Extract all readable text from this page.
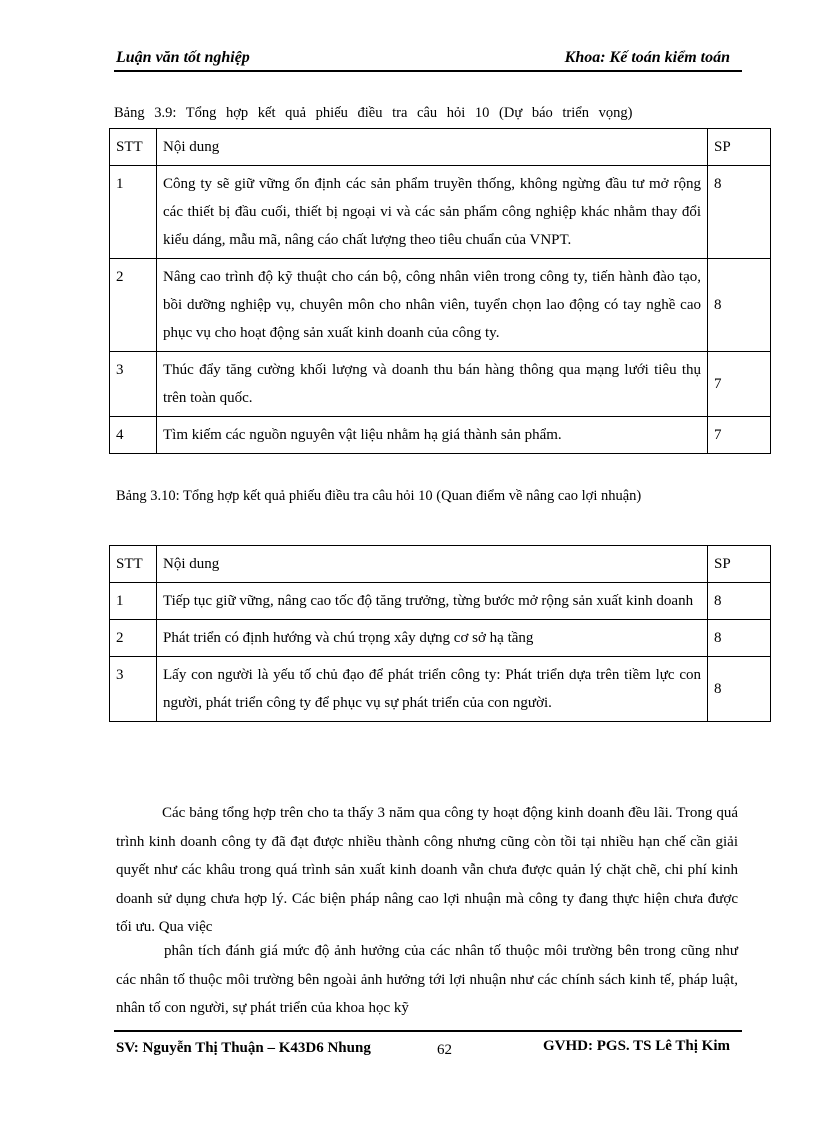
Luận văn tốt nghiệp	Khoa: Kế toán kiểm toán
Bảng 3.9: Tổng hợp kết quả phiếu điều tra câu hỏi 10 (Dự báo triển vọng)
STT	Nội dung	SP
1	Công ty sẽ giữ vững ổn định các sản phẩm truyền thống, không ngừng đầu tư mở rộng các thiết bị đầu cuối, thiết bị ngoại vi và các sản phẩm công nghiệp khác nhằm thay đổi kiểu dáng, mẫu mã, nâng cáo chất lượng theo tiêu chuẩn của VNPT.	8
2	Nâng cao trình độ kỹ thuật cho cán bộ, công nhân viên trong công ty, tiến hành đào tạo, bồi dưỡng nghiệp vụ, chuyên môn cho nhân viên, tuyển chọn lao động có tay nghề cao phục vụ cho hoạt động sản xuất kinh doanh của công ty.	8
3	Thúc đẩy tăng cường khối lượng và doanh thu bán hàng thông qua mạng lưới tiêu thụ trên toàn quốc.	7
4	Tìm kiếm các nguồn nguyên vật liệu nhằm hạ giá thành sản phẩm.	7
Bảng 3.10: Tổng hợp kết quả phiếu điều tra câu hỏi 10 (Quan điểm về nâng cao lợi nhuận)
STT	Nội dung	SP
1	Tiếp tục giữ vững, nâng cao tốc độ tăng trưởng, từng bước mở rộng sản xuất kinh doanh	8
2	Phát triển có định hướng và chú trọng xây dựng cơ sở hạ tầng	8
3	Lấy con người là yếu tố chủ đạo để phát triển công ty: Phát triển dựa trên tiềm lực con người, phát triển công ty để phục vụ sự phát triển của con người.	8
Các bảng tổng hợp trên cho ta thấy 3 năm qua công ty hoạt động kinh doanh đều lãi. Trong quá trình kinh doanh công ty đã đạt được nhiều thành công nhưng cũng còn tồi tại nhiều hạn chế cần giải quyết như các khâu trong quá trình sản xuất kinh doanh vẫn chưa được quản lý chặt chẽ, chi phí kinh doanh sử dụng chưa hợp lý. Các biện pháp nâng cao lợi nhuận mà công ty đang thực hiện chưa được tối ưu. Qua việc
phân tích đánh giá mức độ ảnh hưởng của các nhân tố thuộc môi trường bên trong cũng như các nhân tố thuộc môi trường bên ngoài ảnh hưởng tới lợi nhuận như các chính sách kinh tế, pháp luật, nhân tố con người, sự phát triển của khoa học kỹ
SV: Nguyễn Thị Thuận – K43D6 Nhung	62	GVHD: PGS. TS Lê Thị Kim
